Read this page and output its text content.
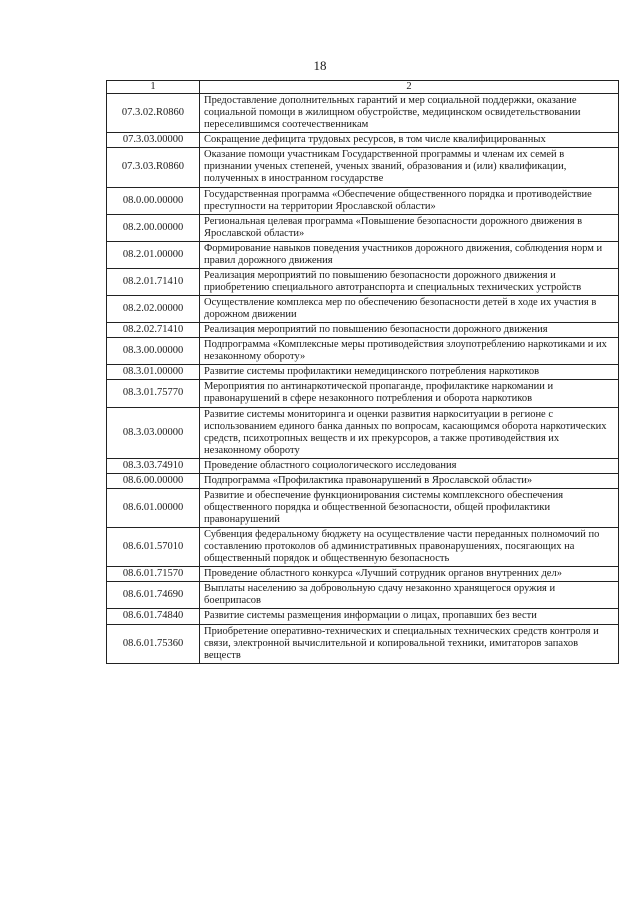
18
1	2
07.3.02.R0860	Предоставление дополнительных гарантий и мер социальной поддержки, оказание социальной помощи в жилищном обустройстве, медицинском освидетельствовании переселившимся соотечественникам
07.3.03.00000	Сокращение дефицита трудовых ресурсов, в том числе квалифицированных
07.3.03.R0860	Оказание помощи участникам Государственной программы и членам их семей в признании ученых степеней, ученых званий, образования и (или) квалификации, полученных в иностранном государстве
08.0.00.00000	Государственная программа «Обеспечение общественного порядка и противодействие преступности на территории Ярославской области»
08.2.00.00000	Региональная целевая программа «Повышение безопасности дорожного движения в Ярославской области»
08.2.01.00000	Формирование навыков поведения участников дорожного движения, соблюдения норм и правил дорожного движения
08.2.01.71410	Реализация мероприятий по повышению безопасности дорожного движения и приобретению специального автотранспорта и специальных технических устройств
08.2.02.00000	Осуществление комплекса мер по обеспечению безопасности детей в ходе их участия в дорожном движении
08.2.02.71410	Реализация мероприятий по повышению безопасности дорожного движения
08.3.00.00000	Подпрограмма «Комплексные меры противодействия злоупотреблению наркотиками и их незаконному обороту»
08.3.01.00000	Развитие системы профилактики немедицинского потребления наркотиков
08.3.01.75770	Мероприятия по антинаркотической пропаганде, профилактике наркомании и правонарушений в сфере незаконного потребления и оборота наркотиков
08.3.03.00000	Развитие системы мониторинга и оценки развития наркоситуации в регионе с использованием единого банка данных по вопросам, касающимся оборота наркотических средств, психотропных веществ и их прекурсоров, а также противодействия их незаконному обороту
08.3.03.74910	Проведение областного социологического исследования
08.6.00.00000	Подпрограмма «Профилактика правонарушений в Ярославской области»
08.6.01.00000	Развитие и обеспечение функционирования системы комплексного обеспечения общественного порядка и общественной безопасности, общей профилактики правонарушений
08.6.01.57010	Субвенция федеральному бюджету на осуществление части переданных полномочий по составлению протоколов об административных правонарушениях, посягающих на общественный порядок и общественную безопасность
08.6.01.71570	Проведение областного конкурса «Лучший сотрудник органов внутренних дел»
08.6.01.74690	Выплаты населению за добровольную сдачу незаконно хранящегося оружия и боеприпасов
08.6.01.74840	Развитие системы размещения информации о лицах, пропавших без вести
08.6.01.75360	Приобретение оперативно-технических и специальных технических средств контроля и связи, электронной вычислительной и копировальной техники, имитаторов запахов веществ
